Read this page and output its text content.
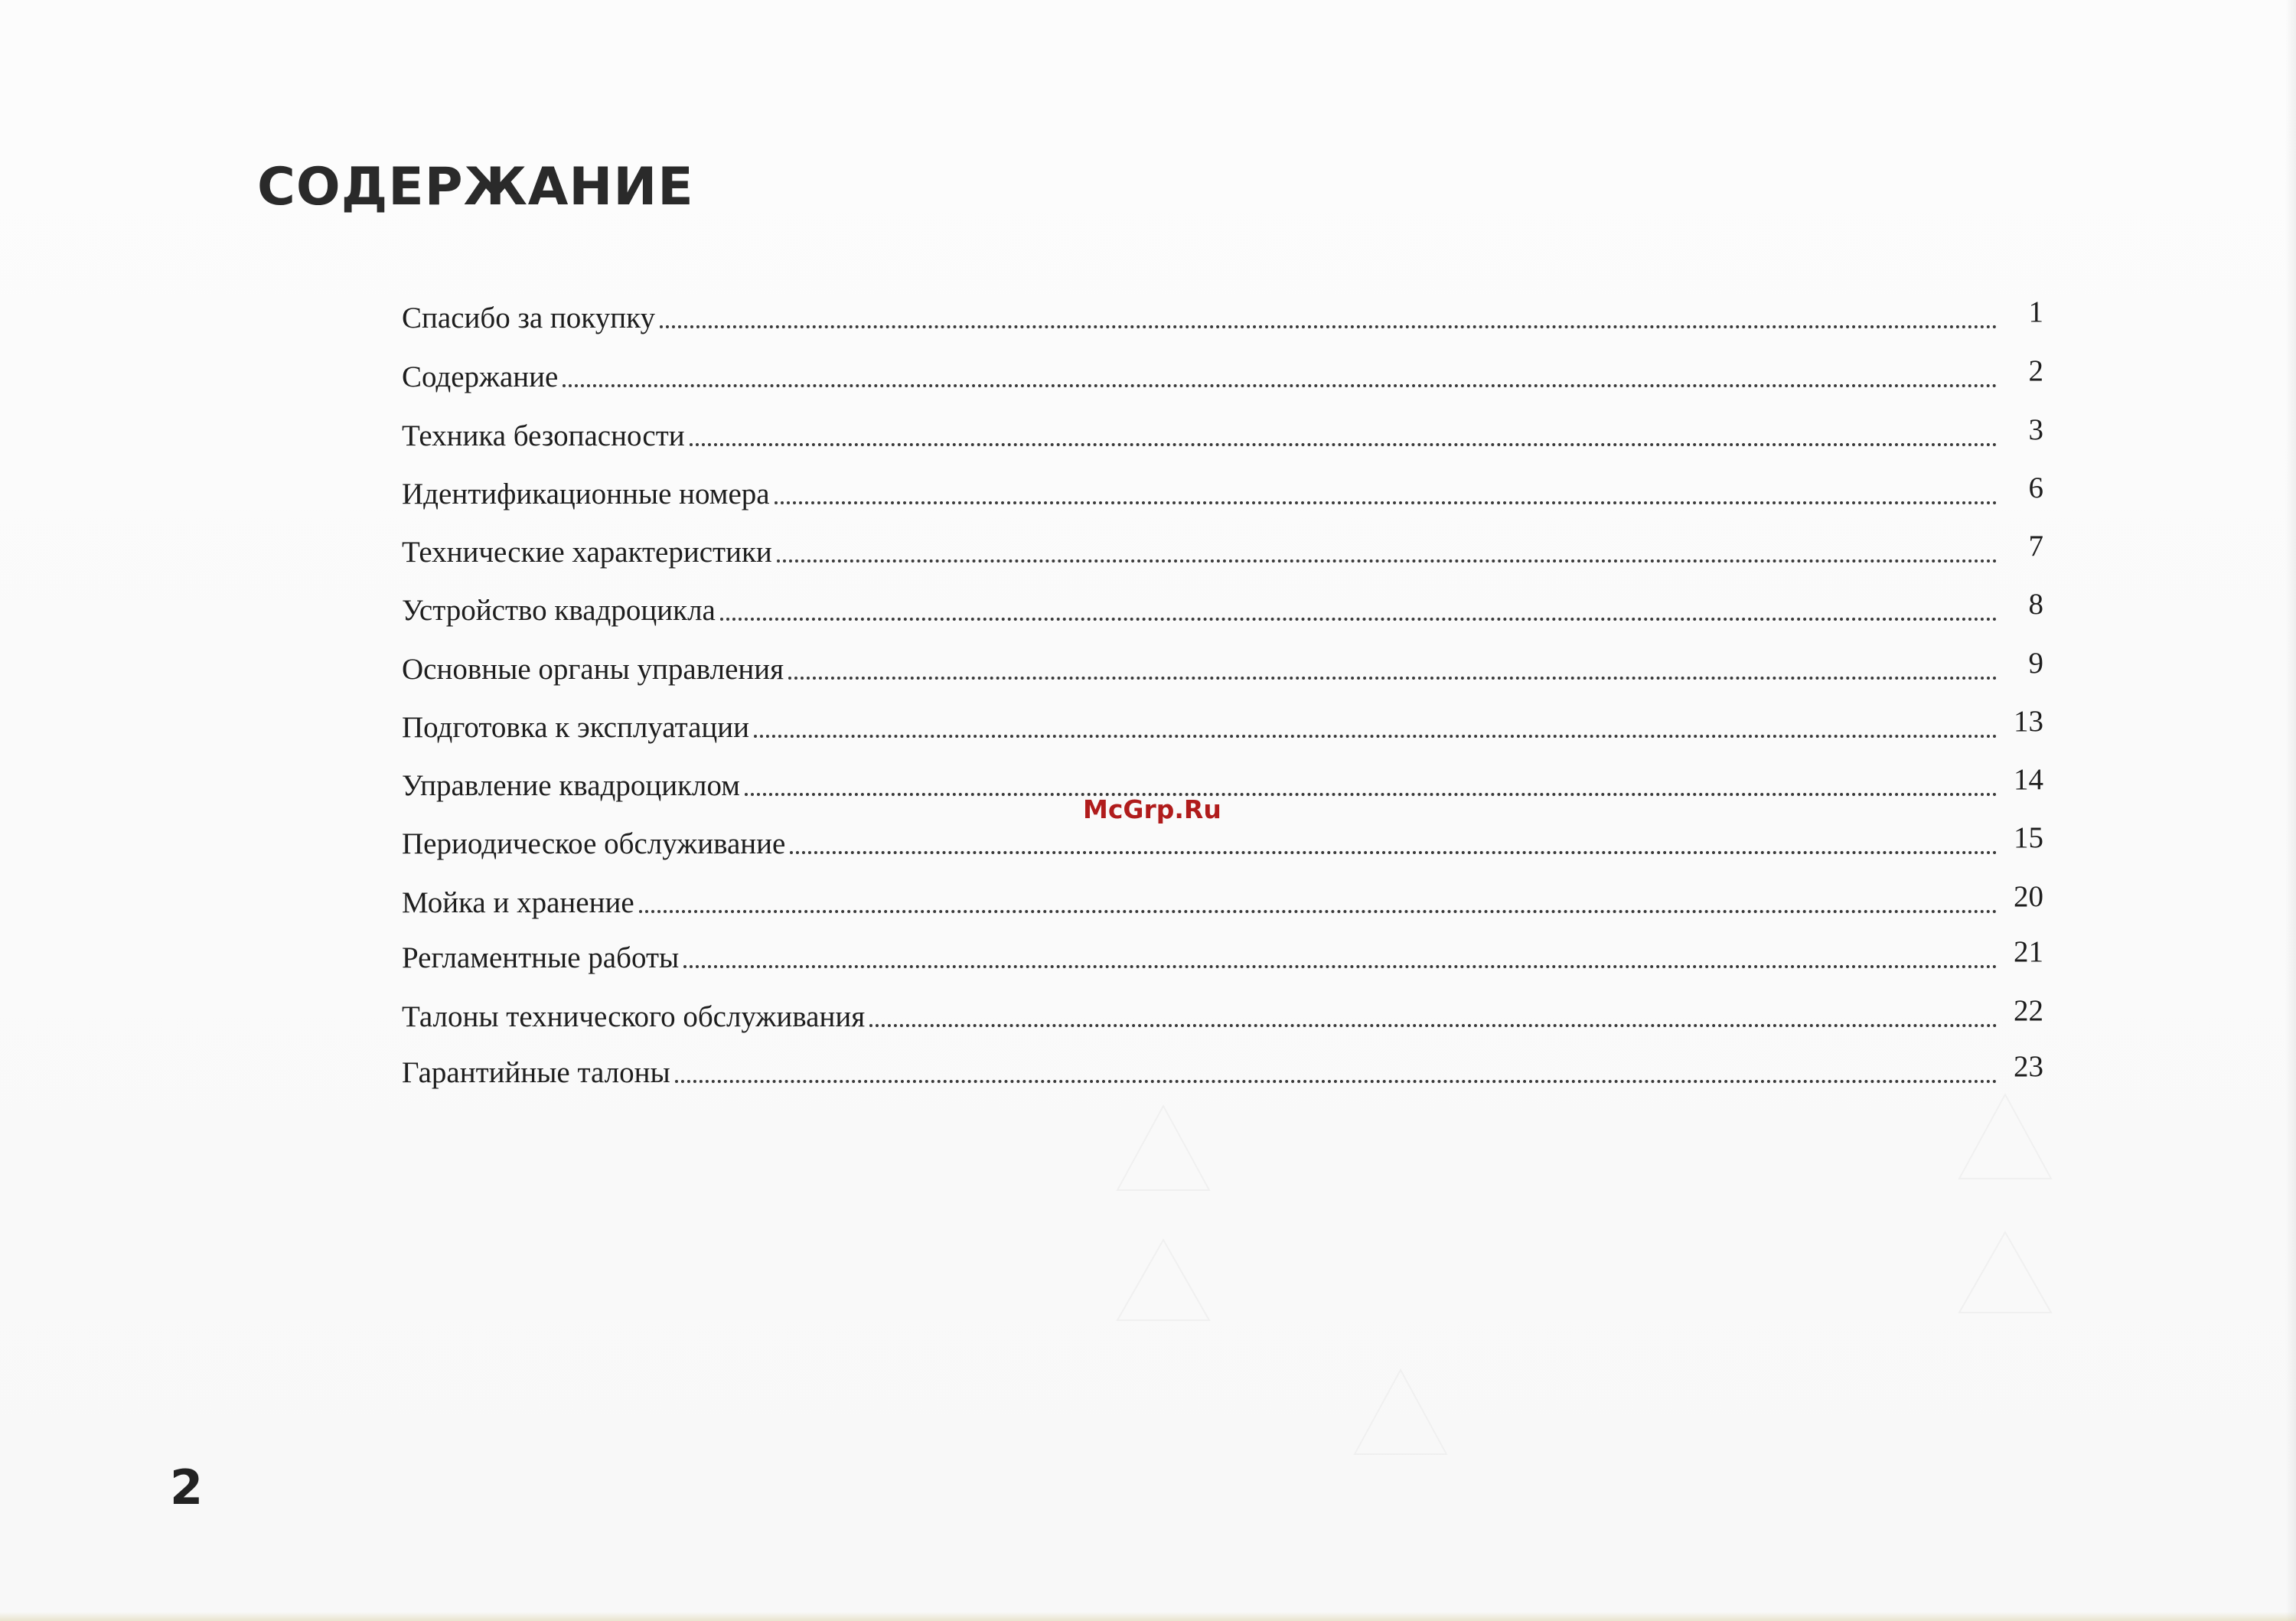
СОДЕРЖАНИЕ
Спасибо за покупку	1
Содержание	2
Техника безопасности	3
Идентификационные номера	6
Технические характеристики	7
Устройство квадроцикла	8
Основные органы управления	9
Подготовка к эксплуатации	13
Управление квадроциклом	14
Периодическое обслуживание	15
Мойка и хранение	20
Регламентные работы	21
Талоны технического обслуживания	22
Гарантийные талоны	23
McGrp.Ru
2
